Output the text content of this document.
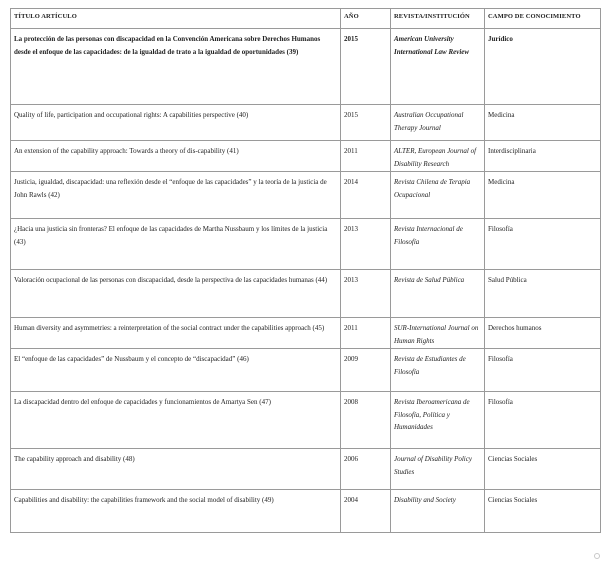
TÍTULO ARTÍCULO	AÑO	REVISTA/INSTITUCIÓN	CAMPO DE CONOCIMIENTO
La protección de las personas con discapacidad en la Convención Americana sobre Derechos Humanos desde el enfoque de las capacidades: de la igualdad de trato a la igualdad de oportunidades (39)	2015	American University International Law Review	Jurídico
Quality of life, participation and occupational rights: A capabilities perspective (40)	2015	Australian Occupational Therapy Journal	Medicina
An extension of the capability approach: Towards a theory of dis-capability (41)	2011	ALTER, European Journal of Disability Research	Interdisciplinaria
Justicia, igualdad, discapacidad: una reflexión desde el “enfoque de las capacidades” y la teoría de la justicia de John Rawls (42)	2014	Revista Chilena de Terapia Ocupacional	Medicina
¿Hacia una justicia sin fronteras? El enfoque de las capacidades de Martha Nussbaum y los límites de la justicia (43)	2013	Revista Internacional de Filosofía	Filosofía
Valoración ocupacional de las personas con discapacidad, desde la perspectiva de las capacidades humanas (44)	2013	Revista de Salud Pública	Salud Pública
Human diversity and asymmetries: a reinterpretation of the social contract under the capabilities approach (45)	2011	SUR-International Journal on Human Rights	Derechos humanos
El “enfoque de las capacidades” de Nussbaum y el concepto de “discapacidad” (46)	2009	Revista de Estudiantes de Filosofía	Filosofía
La discapacidad dentro del enfoque de capacidades y funcionamientos de Amartya Sen (47)	2008	Revista Iberoamericana de Filosofía, Política y Humanidades	Filosofía
The capability approach and disability (48)	2006	Journal of Disability Policy Studies	Ciencias Sociales
Capabilities and disability: the capabilities framework and the social model of disability (49)	2004	Disability and Society	Ciencias Sociales
